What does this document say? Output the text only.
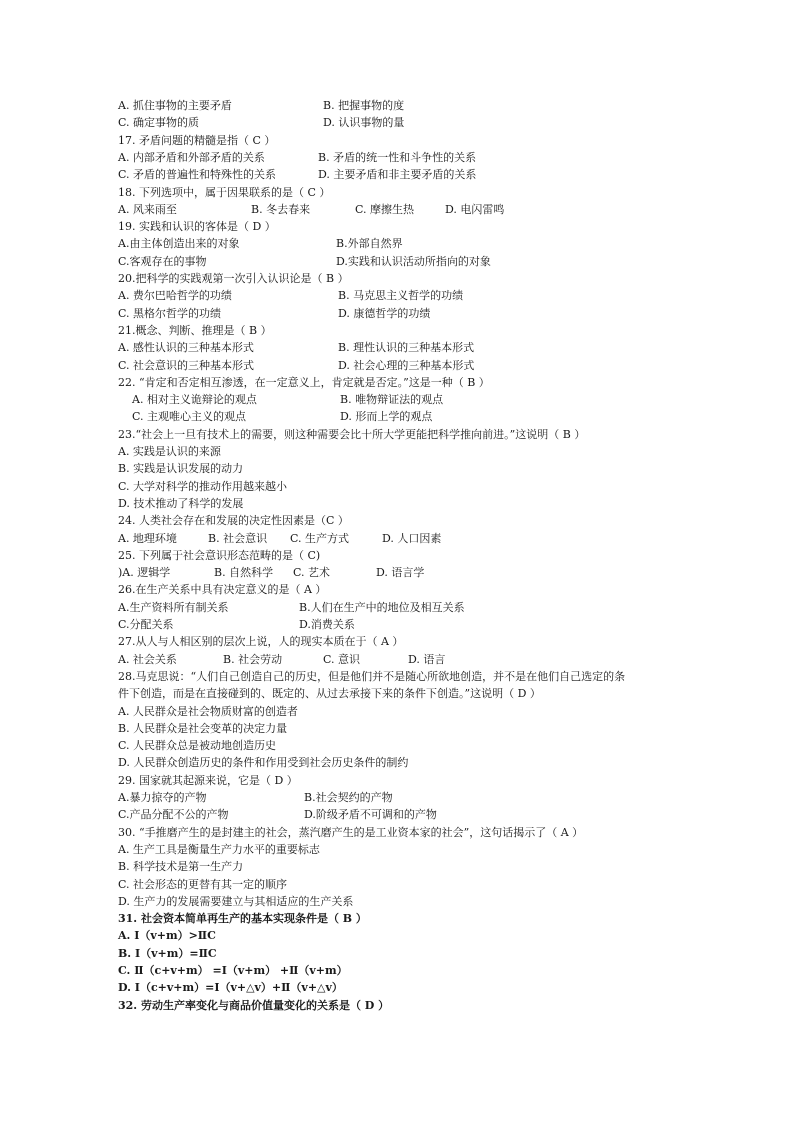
A. 抓住事物的主要矛盾	B. 把握事物的度
C. 确定事物的质	D. 认识事物的量
17. 矛盾问题的精髓是指（ C ）
A. 内部矛盾和外部矛盾的关系	B. 矛盾的统一性和斗争性的关系
C. 矛盾的普遍性和特殊性的关系	D. 主要矛盾和非主要矛盾的关系
18. 下列选项中，属于因果联系的是（ C ）
A. 风来雨至	B. 冬去春来	C. 摩擦生热	D. 电闪雷鸣
19. 实践和认识的客体是（ D ）
A.由主体创造出来的对象	B.外部自然界
C.客观存在的事物	D.实践和认识活动所指向的对象
20.把科学的实践观第一次引入认识论是（ B ）
A. 费尔巴哈哲学的功绩	B. 马克思主义哲学的功绩
C. 黑格尔哲学的功绩	D. 康德哲学的功绩
21.概念、判断、推理是（ B ）
A. 感性认识的三种基本形式	B. 理性认识的三种基本形式
C. 社会意识的三种基本形式	D. 社会心理的三种基本形式
22. “肯定和否定相互渗透，在一定意义上，肯定就是否定。”这是一种（ B ）
A. 相对主义诡辩论的观点	B. 唯物辩证法的观点
C. 主观唯心主义的观点	D. 形而上学的观点
23.“社会上一旦有技术上的需要，则这种需要会比十所大学更能把科学推向前进。”这说明（ B ）
A. 实践是认识的来源
B. 实践是认识发展的动力
C. 大学对科学的推动作用越来越小
D. 技术推动了科学的发展
24. 人类社会存在和发展的决定性因素是（C ）
A. 地理环境	B. 社会意识 C. 生产方式	D. 人口因素
25. 下列属于社会意识形态范畴的是（ C)
)A. 逻辑学	B. 自然科学 C. 艺术	D. 语言学
26.在生产关系中具有决定意义的是（ A ）
A.生产资料所有制关系	B.人们在生产中的地位及相互关系
C.分配关系	D.消费关系
27.从人与人相区别的层次上说，人的现实本质在于（ A ）
A. 社会关系	B. 社会劳动	C. 意识	D. 语言
28.马克思说：“人们自己创造自己的历史，但是他们并不是随心所欲地创造，并不是在他们自己选定的条
件下创造，而是在直接碰到的、既定的、从过去承接下来的条件下创造。”这说明（ D ）
A. 人民群众是社会物质财富的创造者
B. 人民群众是社会变革的决定力量
C. 人民群众总是被动地创造历史
D. 人民群众创造历史的条件和作用受到社会历史条件的制约
29. 国家就其起源来说，它是（ D ）
A.暴力掠夺的产物	B.社会契约的产物
C.产品分配不公的产物	D.阶级矛盾不可调和的产物
30. “手推磨产生的是封建主的社会，蒸汽磨产生的是工业资本家的社会”，这句话揭示了（ A ）
A. 生产工具是衡量生产力水平的重要标志
B. 科学技术是第一生产力
C. 社会形态的更替有其一定的顺序
D. 生产力的发展需要建立与其相适应的生产关系
31. 社会资本简单再生产的基本实现条件是（ B ）
A. Ⅰ（v+m）>ⅡC
B. Ⅰ（v+m）=ⅡC
C. Ⅱ（c+v+m） =Ⅰ（v+m） +Ⅱ（v+m）
D. Ⅰ（c+v+m）=Ⅰ（v+△v）+Ⅱ（v+△v）
32. 劳动生产率变化与商品价值量变化的关系是（ D ）
